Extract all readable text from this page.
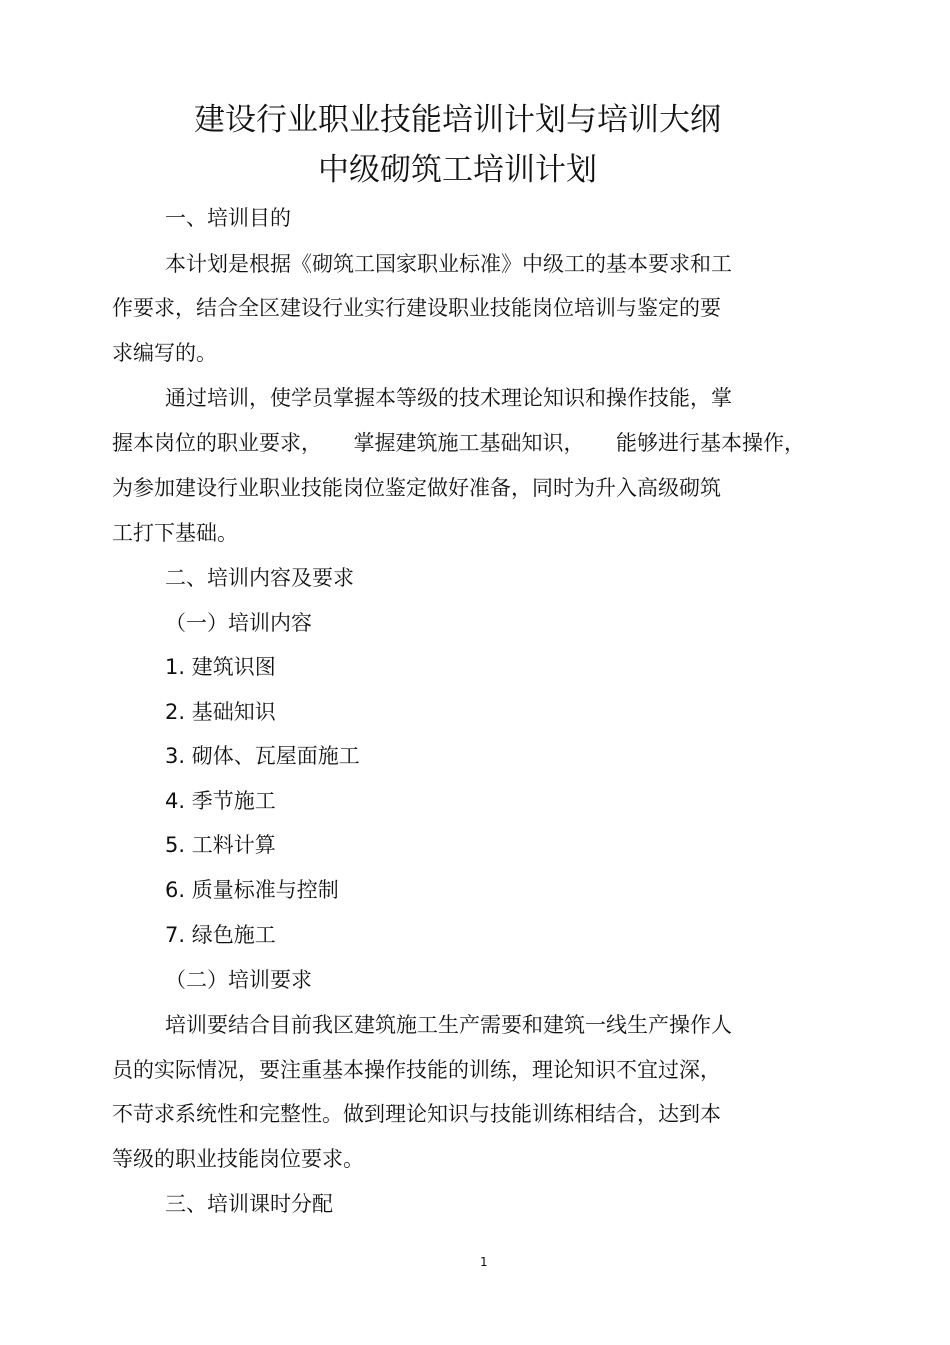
建设行业职业技能培训计划与培训大纲
中级砌筑工培训计划
一、培训目的
本计划是根据《砌筑工国家职业标准》中级工的基本要求和工
作要求，结合全区建设行业实行建设职业技能岗位培训与鉴定的要
求编写的。
通过培训，使学员掌握本等级的技术理论知识和操作技能，掌
握本岗位的职业要求，　　掌握建筑施工基础知识，　　能够进行基本操作，
为参加建设行业职业技能岗位鉴定做好准备，同时为升入高级砌筑
工打下基础。
二、培训内容及要求
（一）培训内容
1. 建筑识图
2. 基础知识
3. 砌体、瓦屋面施工
4. 季节施工
5. 工料计算
6. 质量标准与控制
7. 绿色施工
（二）培训要求
培训要结合目前我区建筑施工生产需要和建筑一线生产操作人
员的实际情况，要注重基本操作技能的训练，理论知识不宜过深，
不苛求系统性和完整性。做到理论知识与技能训练相结合，达到本
等级的职业技能岗位要求。
三、培训课时分配
1
